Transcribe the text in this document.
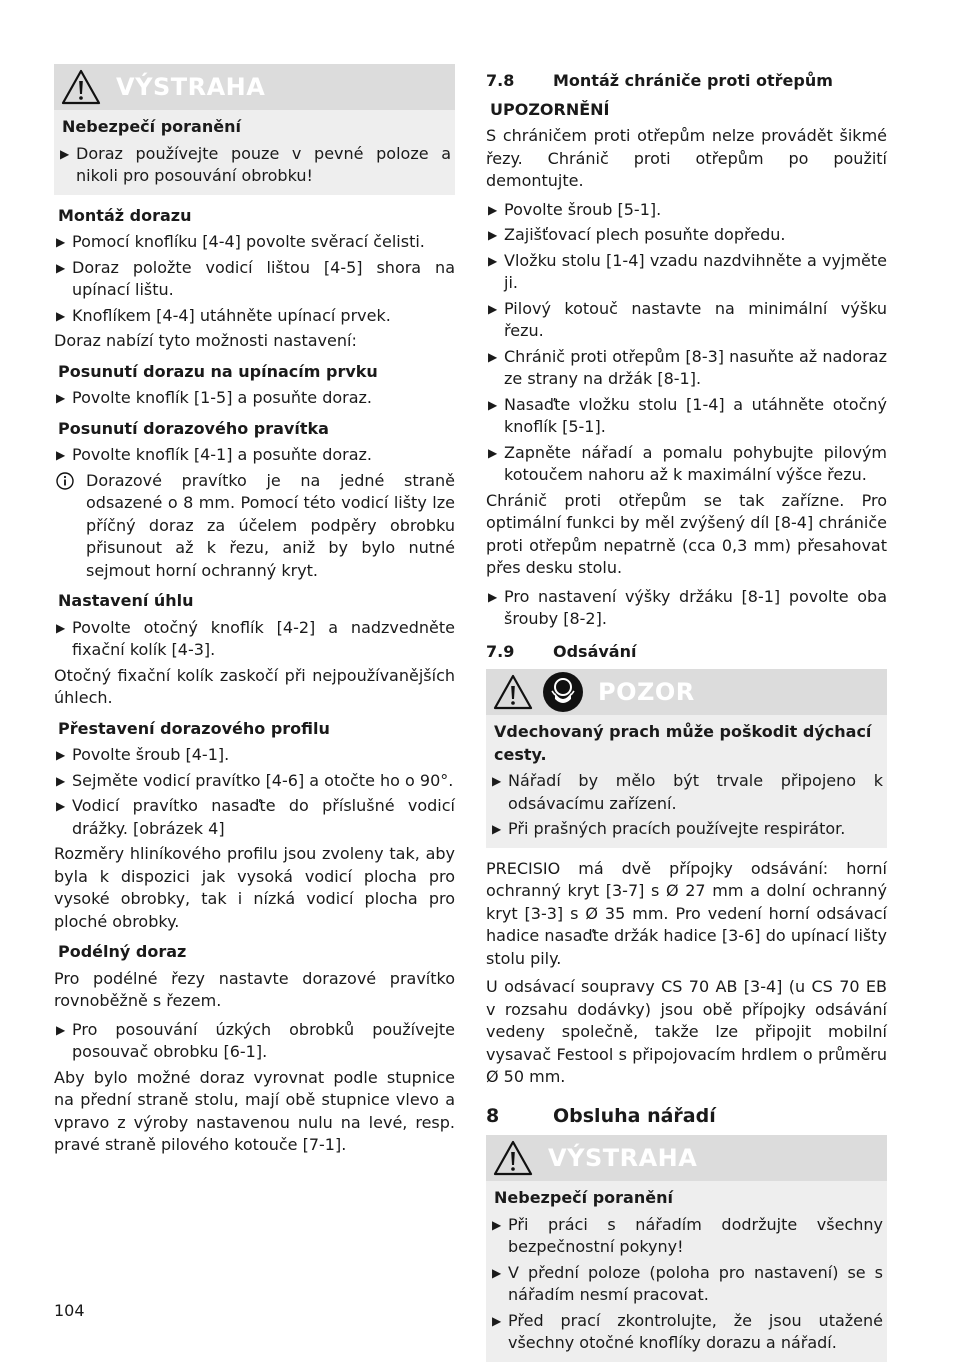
VÝSTRAHA
Nebezpečí poranění
▶ Doraz používejte pouze v pevné poloze a nikoli pro posouvání obrobku!
Montáž dorazu
▶ Pomocí knoflíku [4-4] povolte svěrací čelisti.
▶ Doraz položte vodicí lištou [4-5] shora na upínací lištu.
▶ Knoflíkem [4-4] utáhněte upínací prvek.
Doraz nabízí tyto možnosti nastavení:
Posunutí dorazu na upínacím prvku
▶ Povolte knoflík [1-5] a posuňte doraz.
Posunutí dorazového pravítka
▶ Povolte knoflík [4-1] a posuňte doraz.
Dorazové pravítko je na jedné straně odsazené o 8 mm. Pomocí této vodicí lišty lze příčný doraz za účelem podpěry obrobku přisunout až k řezu, aniž by bylo nutné sejmout horní ochranný kryt.
Nastavení úhlu
▶ Povolte otočný knoflík [4-2] a nadzvedněte fixační kolík [4-3].
Otočný fixační kolík zaskočí při nejpoužívanějších úhlech.
Přestavení dorazového profilu
▶ Povolte šroub [4-1].
▶ Sejměte vodicí pravítko [4-6] a otočte ho o 90°.
▶ Vodicí pravítko nasaďte do příslušné vodicí drážky. [obrázek 4]
Rozměry hliníkového profilu jsou zvoleny tak, aby byla k dispozici jak vysoká vodicí plocha pro vysoké obrobky, tak i nízká vodicí plocha pro ploché obrobky.
Podélný doraz
Pro podélné řezy nastavte dorazové pravítko rovnoběžně s řezem.
▶ Pro posouvání úzkých obrobků používejte posouvač obrobku [6-1].
Aby bylo možné doraz vyrovnat podle stupnice na přední straně stolu, mají obě stupnice vlevo a vpravo z výroby nastavenou nulu na levé, resp. pravé straně pilového kotouče [7-1].
7.8	Montáž chrániče proti otřepům
UPOZORNĚNÍ
S chráničem proti otřepům nelze provádět šikmé řezy. Chránič proti otřepům po použití demontujte.
▶ Povolte šroub [5-1].
▶ Zajišťovací plech posuňte dopředu.
▶ Vložku stolu [1-4] vzadu nazdvihněte a vyjměte ji.
▶ Pilový kotouč nastavte na minimální výšku řezu.
▶ Chránič proti otřepům [8-3] nasuňte až nadoraz ze strany na držák [8-1].
▶ Nasaďte vložku stolu [1-4] a utáhněte otočný knoflík [5-1].
▶ Zapněte nářadí a pomalu pohybujte pilovým kotoučem nahoru až k maximální výšce řezu.
Chránič proti otřepům se tak zařízne. Pro optimální funkci by měl zvýšený díl [8-4] chrániče proti otřepům nepatrně (cca 0,3 mm) přesahovat přes desku stolu.
▶ Pro nastavení výšky držáku [8-1] povolte oba šrouby [8-2].
7.9	Odsávání
POZOR
Vdechovaný prach může poškodit dýchací cesty.
▶ Nářadí by mělo být trvale připojeno k odsávacímu zařízení.
▶ Při prašných pracích používejte respirátor.
PRECISIO má dvě přípojky odsávání: horní ochranný kryt [3-7] s Ø 27 mm a dolní ochranný kryt [3-3] s Ø 35 mm. Pro vedení horní odsávací hadice nasaďte držák hadice [3-6] do upínací lišty stolu pily.
U odsávací soupravy CS 70 AB [3-4] (u CS 70 EB v rozsahu dodávky) jsou obě přípojky odsávání vedeny společně, takže lze připojit mobilní vysavač Festool s připojovacím hrdlem o průměru Ø 50 mm.
8	Obsluha nářadí
VÝSTRAHA
Nebezpečí poranění
▶ Při práci s nářadím dodržujte všechny bezpečnostní pokyny!
▶ V přední poloze (poloha pro nastavení) se s nářadím nesmí pracovat.
▶ Před prací zkontrolujte, že jsou utažené všechny otočné knoflíky dorazu a nářadí.
104
